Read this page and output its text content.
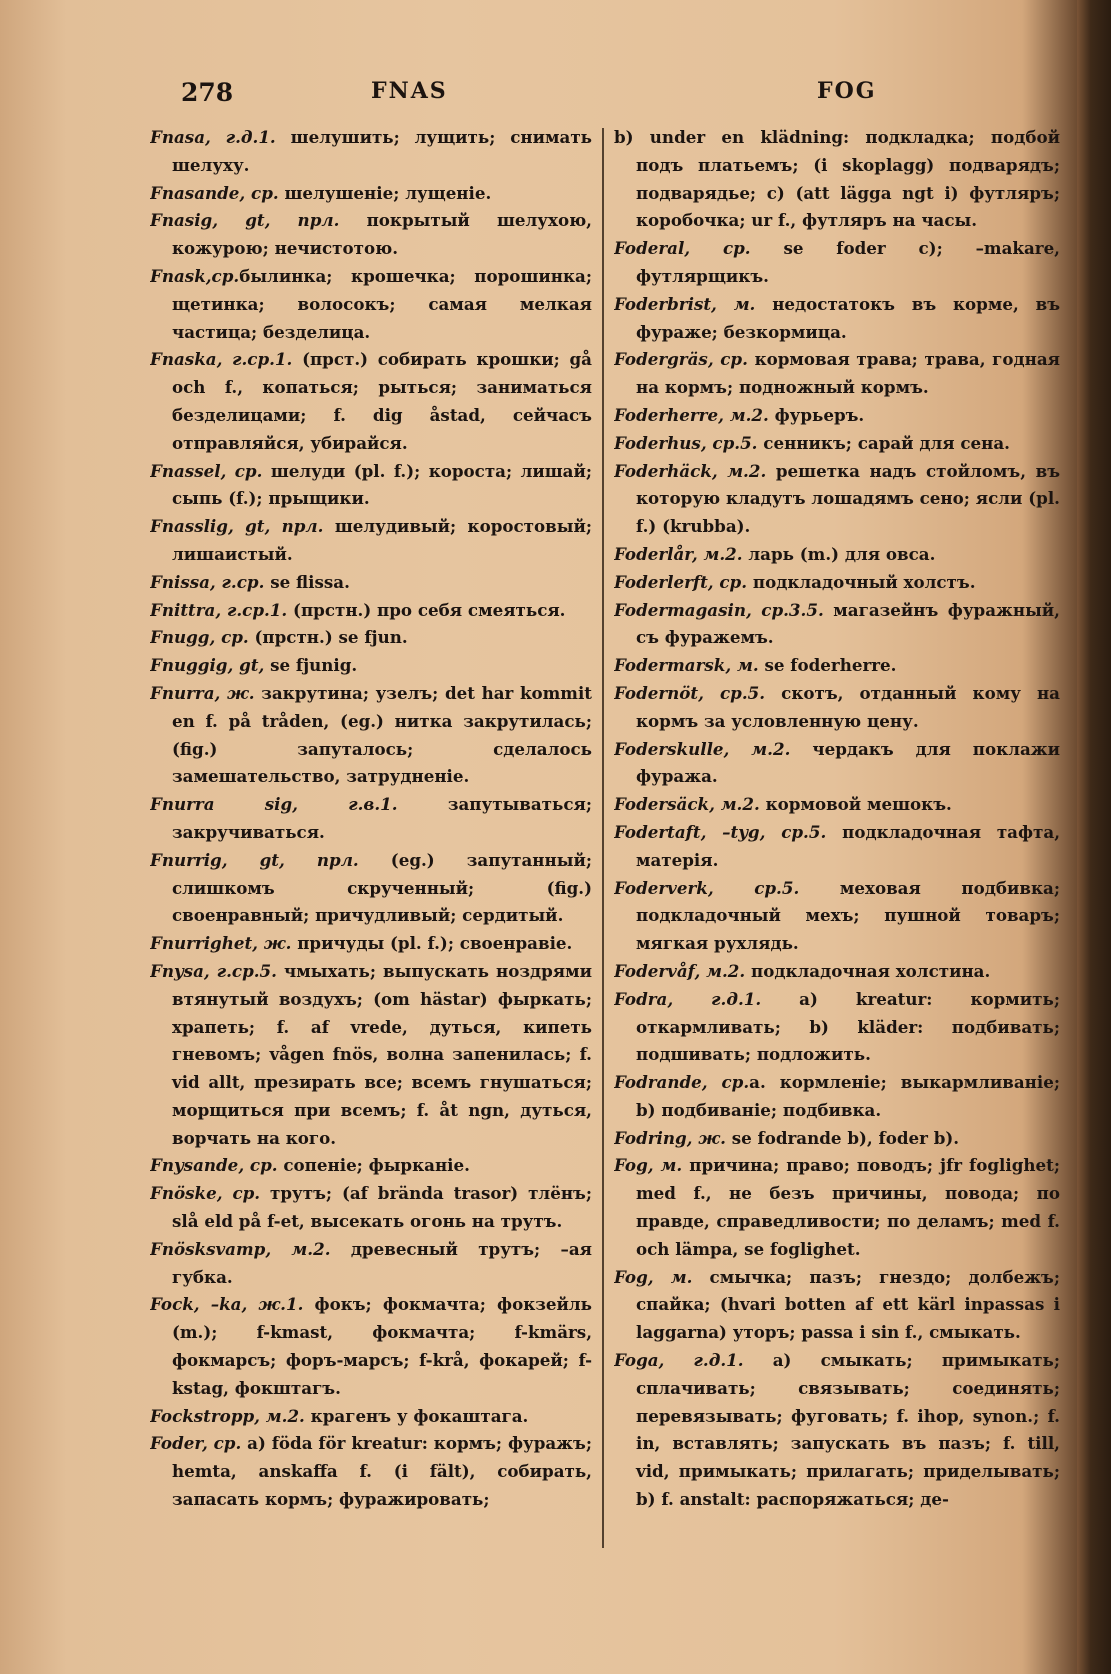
278	FNAS	FOG

Fnasa, г.д.1. шелушить; лущить; снимать шелуху.

Fnasande, ср. шелушеніе; лущеніе.

Fnasig, gt, прл. покрытый шелухою, кожурою; нечистотою.

Fnask,ср.былинка; крошечка; порошинка; щетинка; волосокъ; самая мелкая частица; безделица.

Fnaska, г.ср.1. (прст.) собирать крошки; gå och f., копаться; рыться; заниматься безделицами; f. dig åstad, сейчасъ отправляйся, убирайся.

Fnassel, ср. шелуди (pl. f.); короста; лишай; сыпь (f.); прыщики.

Fnasslig, gt, прл. шелудивый; коростовый; лишаистый.

Fnissa, г.ср. se flissa.

Fnittra, г.ср.1. (прстн.) про себя смеяться.

Fnugg, ср. (прстн.) se fjun.

Fnuggig, gt, se fjunig.

Fnurra, ж. закрутина; узелъ; det har kommit en f. på tråden, (eg.) нитка закрутилась; (fig.) запуталось; сделалось замешательство, затрудненіе.

Fnurra sig, г.в.1. запутываться; закручиваться.

Fnurrig, gt, прл. (eg.) запутанный; слишкомъ скрученный; (fig.) своенравный; причудливый; сердитый.

Fnurrighet, ж. причуды (pl. f.); своенравіе.

Fnysa, г.ср.5. чмыхать; выпускать ноздрями втянутый воздухъ; (om hästar) фыркать; храпеть; f. af vrede, дуться, кипеть гневомъ; vågen fnös, волна запенилась; f. vid allt, презирать все; всемъ гнушаться; морщиться при всемъ; f. åt ngn, дуться, ворчать на кого.

Fnysande, ср. сопеніе; фырканіе.

Fnöske, ср. трутъ; (af brända trasor) тлёнъ; slå eld på f-et, высекать огонь на трутъ.

Fnösksvamp, м.2. древесный трутъ; –ая губка.

Fock, –ka, ж.1. фокъ; фокмачта; фокзейль (m.); f-kmast, фокмачта; f-kmärs, фокмарсъ; форъ-марсъ; f-krå, фокарей; f-kstag, фокштагъ.

Fockstropp, м.2. крагенъ у фокаштага.

Foder, ср. а) föda för kreatur: кормъ; фуражъ; hemta, anskaffa f. (i fält), собирать, запасать кормъ; фуражировать;

b) under en klädning: подкладка; подбой подъ платьемъ; (i skoplagg) подварядъ; подварядье; c) (att lägga ngt i) футляръ; коробочка; ur f., футляръ на часы.

Foderal, ср. se foder c); –makare, футлярщикъ.

Foderbrist, м. недостатокъ въ корме, въ фураже; безкормица.

Fodergräs, ср. кормовая трава; трава, годная на кормъ; подножный кормъ.

Foderherre, м.2. фурьеръ.

Foderhus, ср.5. сенникъ; сарай для сена.

Foderhäck, м.2. решетка надъ стойломъ, въ которую кладутъ лошадямъ сено; ясли (pl. f.) (krubba).

Foderlår, м.2. ларь (m.) для овса.

Foderlerft, ср. подкладочный холстъ.

Fodermagasin, ср.3.5. магазейнъ фуражный, съ фуражемъ.

Fodermarsk, м. se foderherre.

Fodernöt, ср.5. скотъ, отданный кому на кормъ за условленную цену.

Foderskulle, м.2. чердакъ для поклажи фуража.

Fodersäck, м.2. кормовой мешокъ.

Fodertaft, –tyg, ср.5. подкладочная тафта, матерія.

Foderverk, ср.5. меховая подбивка; подкладочный мехъ; пушной товаръ; мягкая рухлядь.

Fodervåf, м.2. подкладочная холстина.

Fodra, г.д.1. а) kreatur: кормить; откармливать; b) kläder: подбивать; подшивать; подложить.

Fodrande, ср.а. кормленіе; выкармливаніе; b) подбиваніе; подбивка.

Fodring, ж. se fodrande b), foder b).

Fog, м. причина; право; поводъ; jfr foglighet; med f., не безъ причины, повода; по правде, справедливости; по деламъ; med f. och lämpa, se foglighet.

Fog, м. смычка; пазъ; гнездо; долбежъ; спайка; (hvari botten af ett kärl inpassas i laggarna) уторъ; passa i sin f., смыкать.

Foga, г.д.1. а) смыкать; примыкать; сплачивать; связывать; соединять; перевязывать; фуговать; f. ihop, synon.; f. in, вставлять; запускать въ пазъ; f. till, vid, примыкать; прилагать; приделывать; b) f. anstalt: распоряжаться; де-
